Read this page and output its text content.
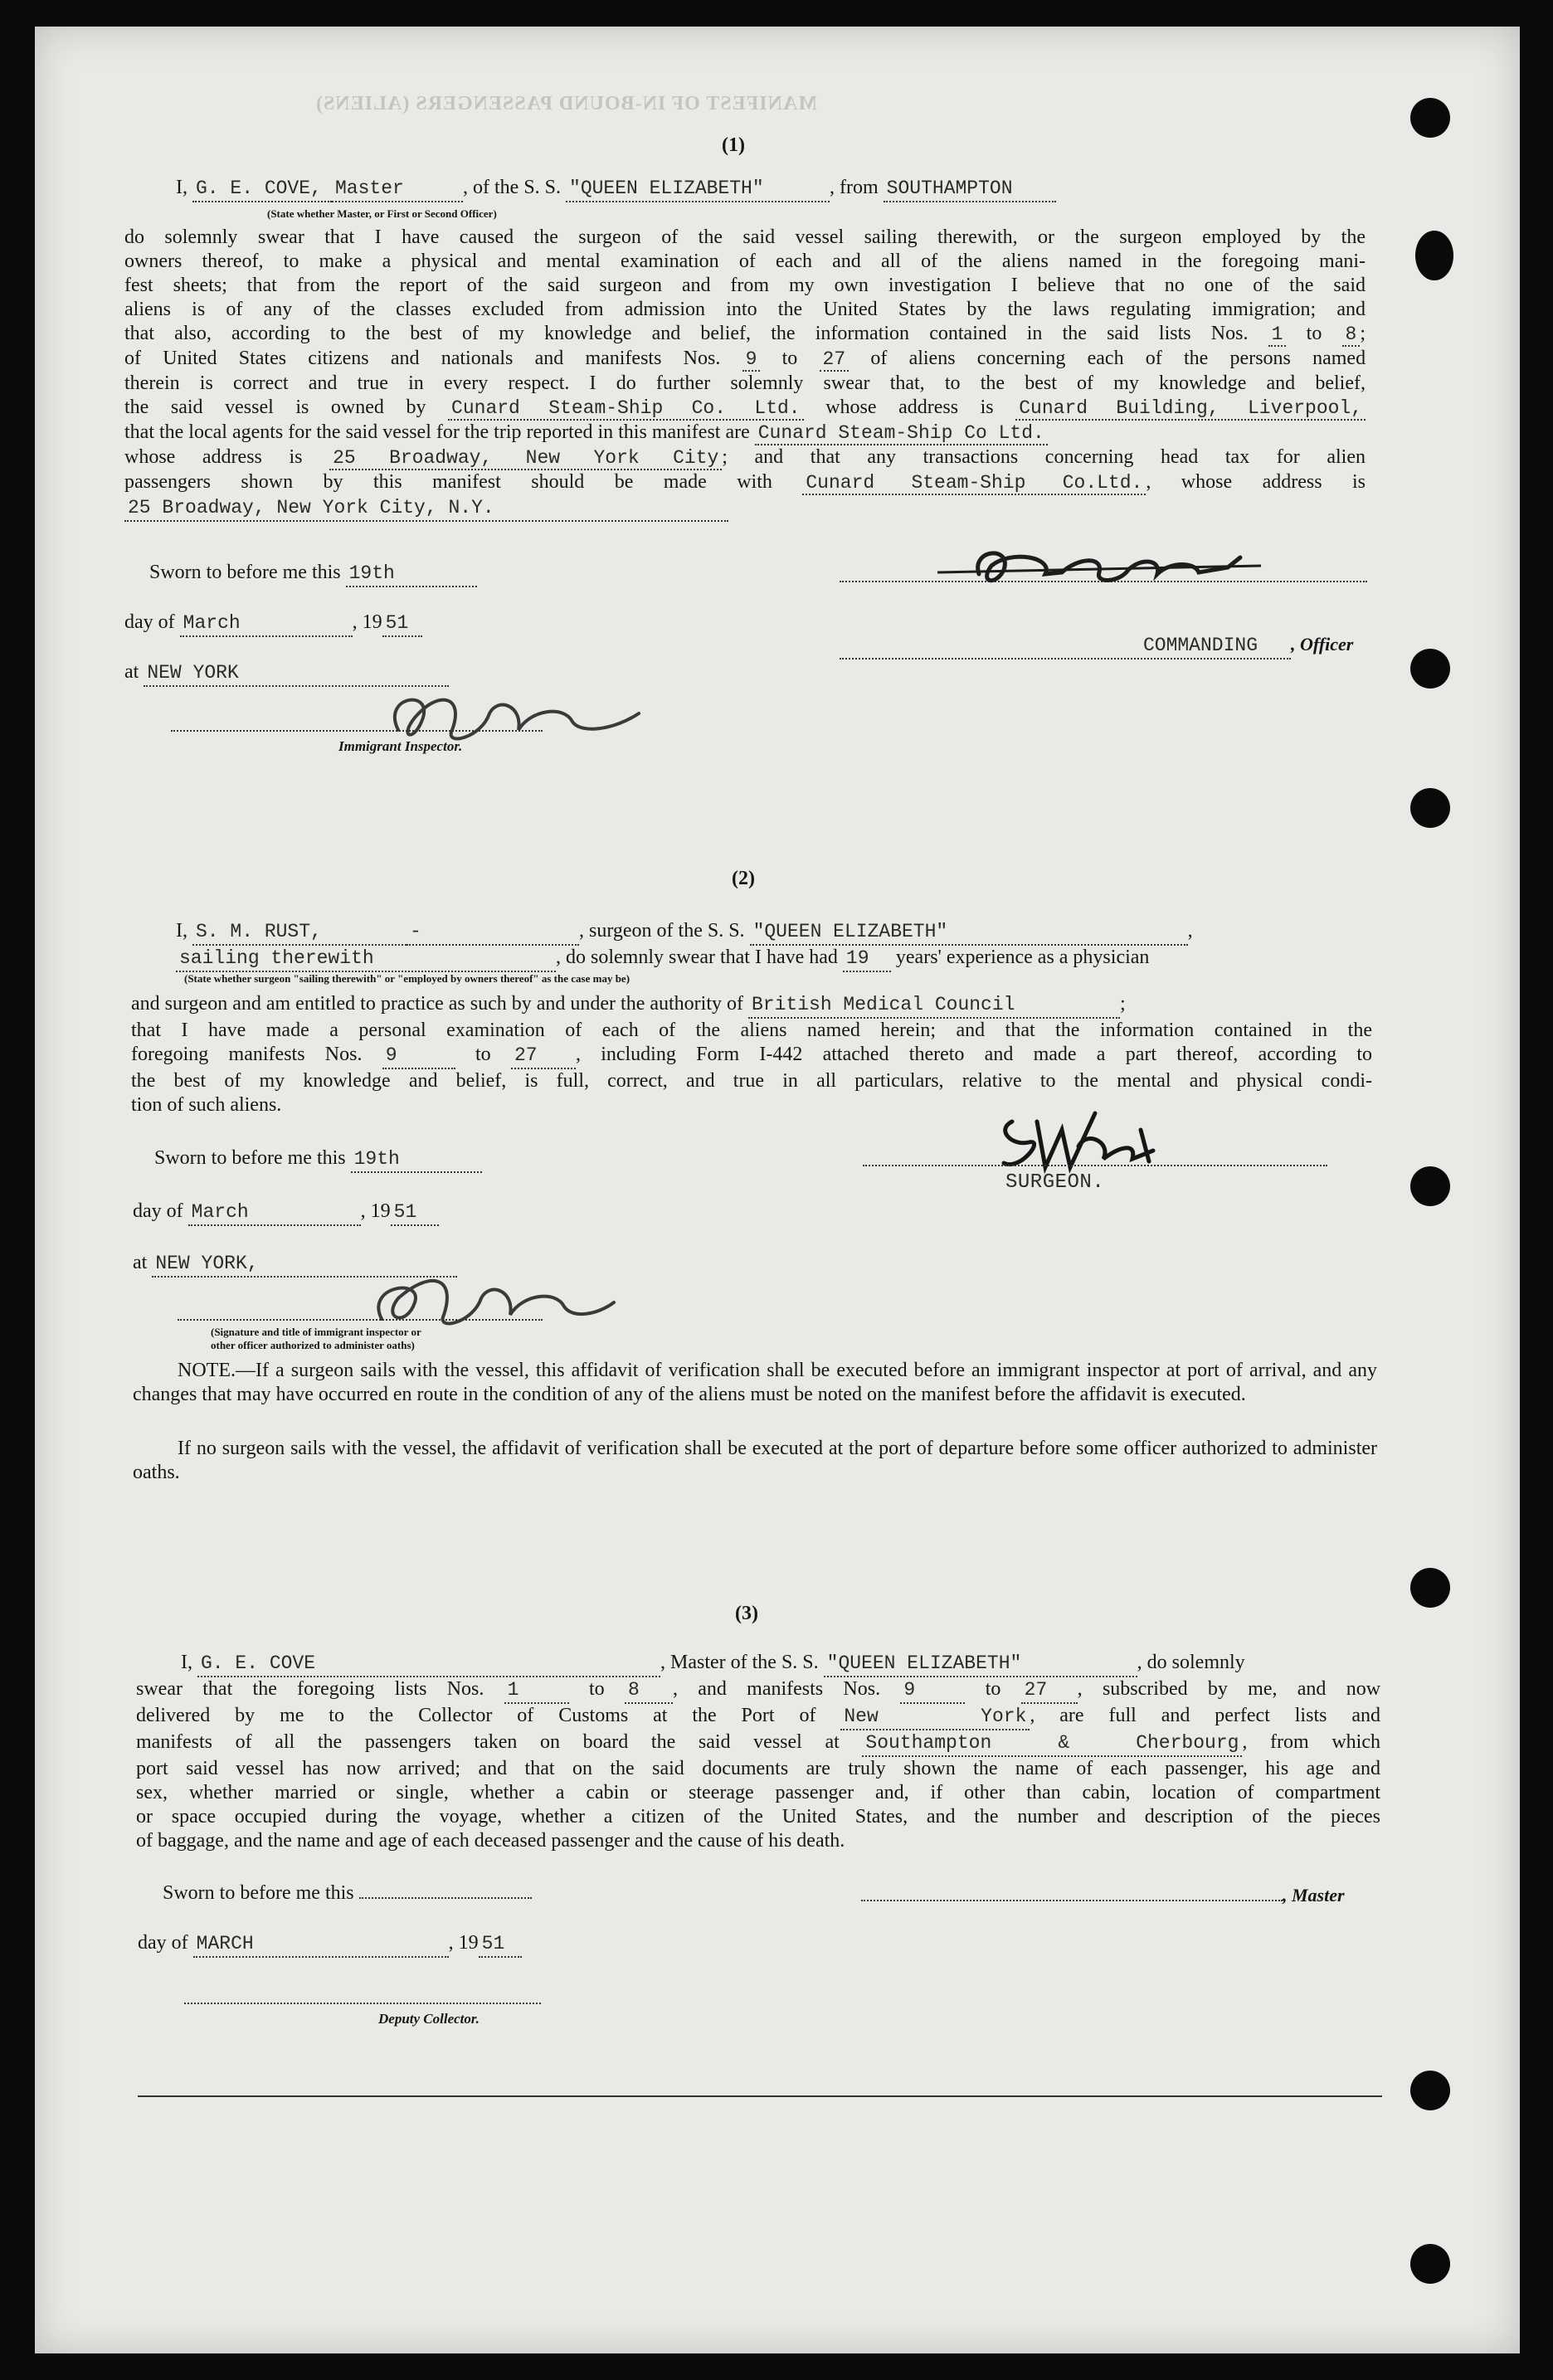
MANIFEST OF IN-BOUND PASSENGERS (ALIENS)
(1)
I, G. E. COVE, Master	, of the S. S. "QUEEN ELIZABETH"	, from SOUTHAMPTON
(State whether Master, or First or Second Officer)
do solemnly swear that I have caused the surgeon of the said vessel sailing therewith, or the surgeon employed by the
owners thereof, to make a physical and mental examination of each and all of the aliens named in the foregoing mani-
fest sheets; that from the report of the said surgeon and from my own investigation I believe that no one of the said
aliens is of any of the classes excluded from admission into the United States by the laws regulating immigration; and
that also, according to the best of my knowledge and belief, the information contained in the said lists Nos. 1 to 8 ;
of United States citizens and nationals and manifests Nos. 9 to 27 of aliens concerning each of the persons named
therein is correct and true in every respect. I do further solemnly swear that, to the best of my knowledge and belief,
the said vessel is owned by Cunard Steam-Ship Co. Ltd. whose address is Cunard Building, Liverpool,
that the local agents for the said vessel for the trip reported in this manifest are Cunard Steam-Ship Co Ltd.
whose address is 25 Broadway, New York City ; and that any transactions concerning head tax for alien
passengers shown by this manifest should be made with Cunard Steam-Ship Co.Ltd. , whose address is
25 Broadway, New York City, N.Y.
Sworn to before me this 19th
day of March	, 19 51
at NEW YORK
COMMANDING , Officer
Immigrant Inspector.
(2)
I, S. M. RUST,	-	, surgeon of the S. S. "QUEEN ELIZABETH"	,
sailing therewith	, do solemnly swear that I have had 19 years' experience as a physician
(State whether surgeon "sailing therewith" or "employed by owners thereof" as the case may be)
and surgeon and am entitled to practice as such by and under the authority of British Medical Council	;
that I have made a personal examination of each of the aliens named herein; and that the information contained in the
foregoing manifests Nos. 9	to 27 , including Form I-442 attached thereto and made a part thereof, according to
the best of my knowledge and belief, is full, correct, and true in all particulars, relative to the mental and physical condi-
tion of such aliens.
Sworn to before me this 19th
day of March	, 19 51
at NEW YORK,
SURGEON.
(Signature and title of immigrant inspector or
other officer authorized to administer oaths)
NOTE.—If a surgeon sails with the vessel, this affidavit of verification shall be executed before an immigrant inspector at port of arrival, and any changes that may have occurred en route in the condition of any of the aliens must be noted on the manifest before the affidavit is executed.
If no surgeon sails with the vessel, the affidavit of verification shall be executed at the port of departure before some officer authorized to administer oaths.
(3)
I, G. E. COVE	, Master of the S. S. "QUEEN ELIZABETH"	, do solemnly
swear that the foregoing lists Nos. 1	to 8 , and manifests Nos. 9	to 27 , subscribed by me, and now
delivered by me to the Collector of Customs at the Port of New York , are full and perfect lists and
manifests of all the passengers taken on board the said vessel at Southampton & Cherbourg , from which
port said vessel has now arrived; and that on the said documents are truly shown the name of each passenger, his age and
sex, whether married or single, whether a cabin or steerage passenger and, if other than cabin, location of compartment
or space occupied during the voyage, whether a citizen of the United States, and the number and description of the pieces
of baggage, and the name and age of each deceased passenger and the cause of his death.
Sworn to before me this	, Master
day of MARCH	, 19 51
Deputy Collector.
